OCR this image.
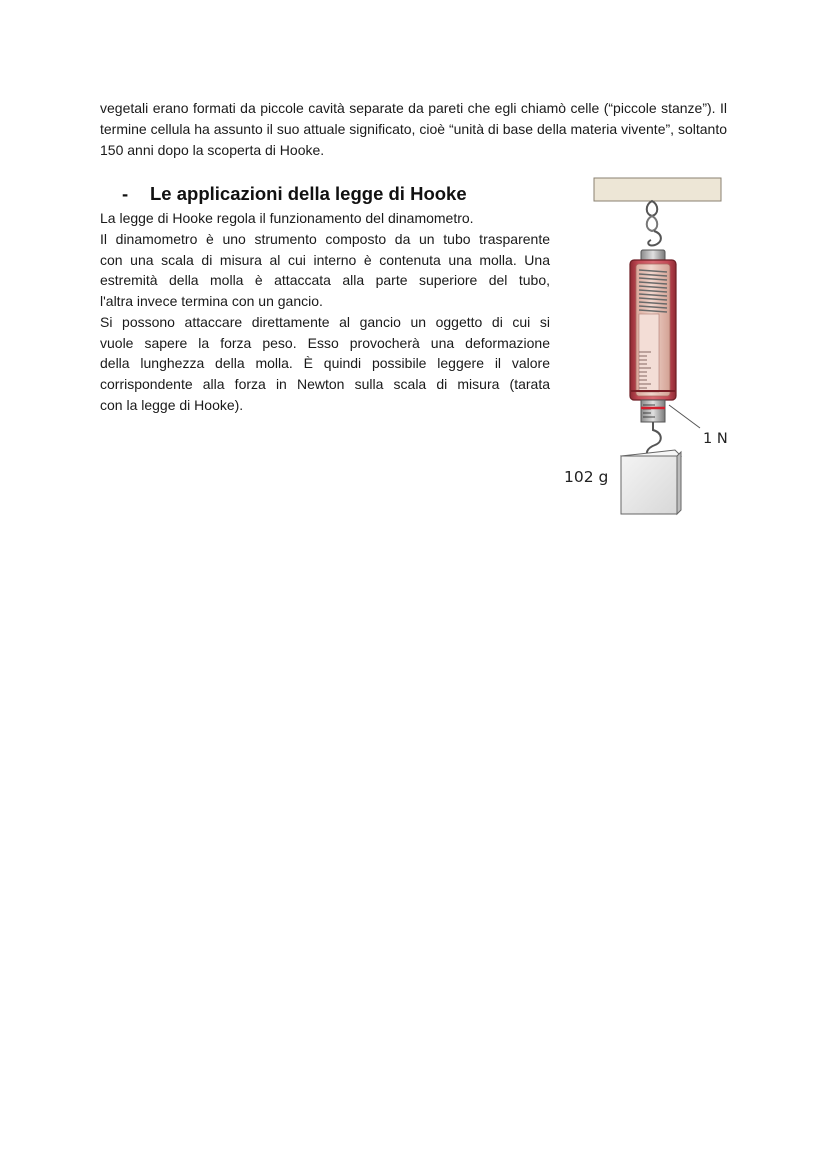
vegetali erano formati da piccole cavità separate da pareti che egli chiamò celle (“piccole stanze”). Il termine cellula ha assunto il suo attuale significato, cioè “unità di base della materia vivente”, soltanto 150 anni dopo la scoperta di Hooke.

- Le applicazioni della legge di Hooke
La legge di Hooke regola il funzionamento del dinamometro.
Il dinamometro è uno strumento composto da un tubo trasparente
con una scala di misura al cui interno è contenuta una molla. Una
estremità della molla è attaccata alla parte superiore del tubo,
l'altra invece termina con un gancio.
Si possono attaccare direttamente al gancio un oggetto di cui si
vuole sapere la forza peso. Esso provocherà una deformazione
della lunghezza della molla. È quindi possibile leggere il valore
corrispondente alla forza in Newton sulla scala di misura (tarata
con la legge di Hooke).
1 N
102 g
